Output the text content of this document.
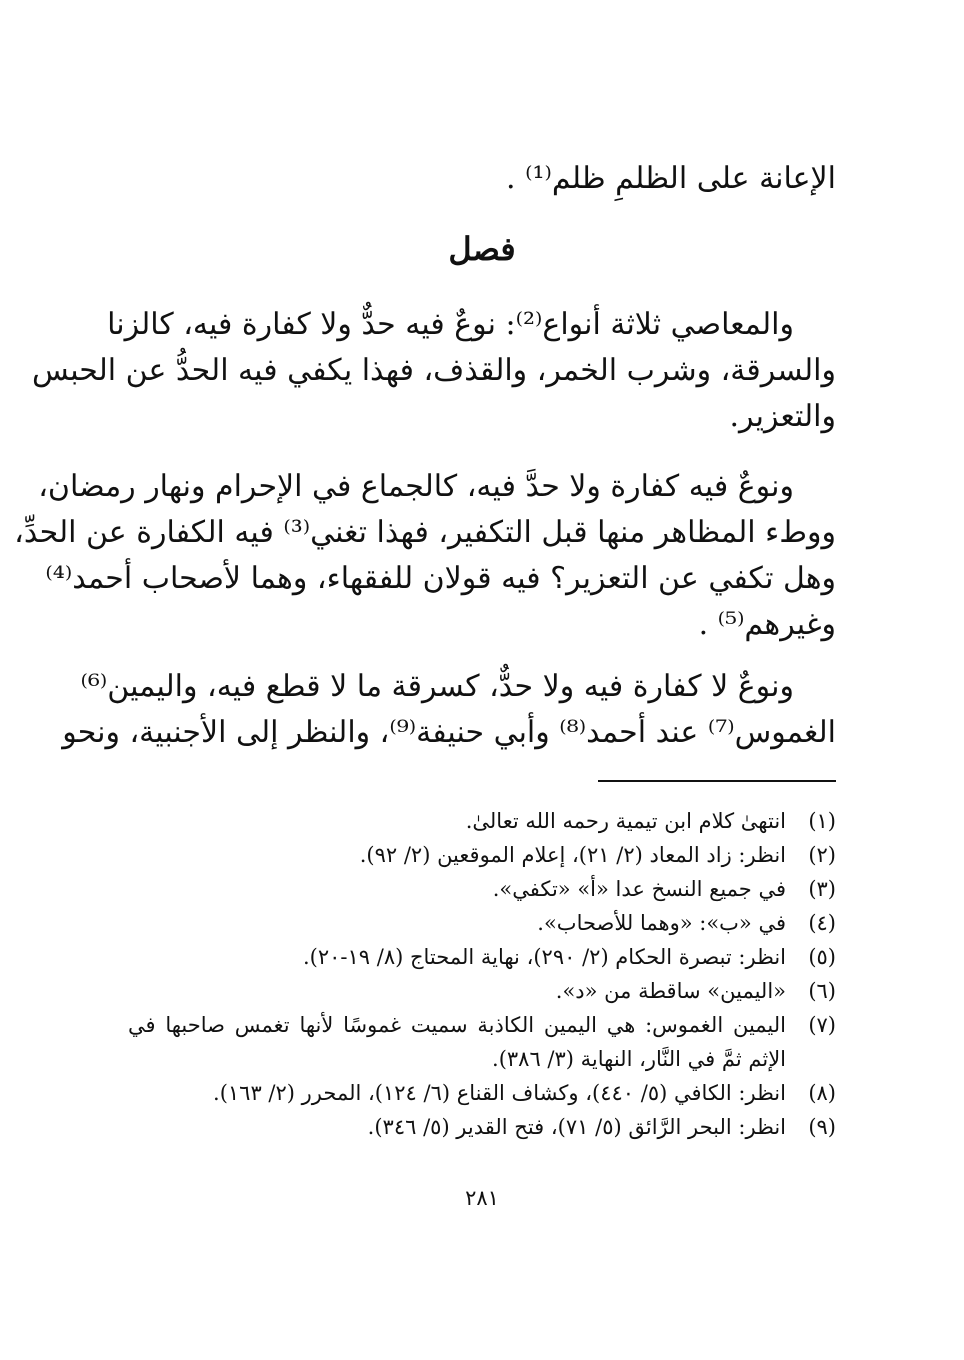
الإعانة على الظلمِ ظلم⁽¹⁾ .
فصل
والمعاصي ثلاثة أنواع⁽²⁾: نوعٌ فيه حدٌّ ولا كفارة فيه، كالزنا
والسرقة، وشرب الخمر، والقذف، فهذا يكفي فيه الحدُّ عن الحبس
والتعزير.
ونوعٌ فيه كفارة ولا حدَّ فيه، كالجماع في الإحرام ونهار رمضان،
ووطء المظاهر منها قبل التكفير، فهذا تغني⁽³⁾ فيه الكفارة عن الحدِّ،
وهل تكفي عن التعزير؟ فيه قولان للفقهاء، وهما لأصحاب أحمد⁽⁴⁾
وغيرهم⁽⁵⁾ .
ونوعٌ لا كفارة فيه ولا حدٌّ، كسرقة ما لا قطع فيه، واليمين⁽⁶⁾
الغموس⁽⁷⁾ عند أحمد⁽⁸⁾ وأبي حنيفة⁽⁹⁾، والنظر إلى الأجنبية، ونحو
(١)
انتهىٰ كلام ابن تيمية رحمه الله تعالىٰ.
(٢)
انظر: زاد المعاد (٢/ ٢١)، إعلام الموقعين (٢/ ٩٢).
(٣)
في جميع النسخ عدا «أ» «تكفي».
(٤)
في «ب»: «وهما للأصحاب».
(٥)
انظر: تبصرة الحكام (٢/ ٢٩٠)، نهاية المحتاج (٨/ ١٩-٢٠).
(٦)
«اليمين» ساقطة من «د».
(٧)
اليمين الغموس: هي اليمين الكاذبة سميت غموسًا لأنها تغمس صاحبها في الإثم ثمَّ في النَّار، النهاية (٣/ ٣٨٦).
(٨)
انظر: الكافي (٥/ ٤٤٠)، وكشاف القناع (٦/ ١٢٤)، المحرر (٢/ ١٦٣).
(٩)
انظر: البحر الرَّائق (٥/ ٧١)، فتح القدير (٥/ ٣٤٦).
٢٨١
